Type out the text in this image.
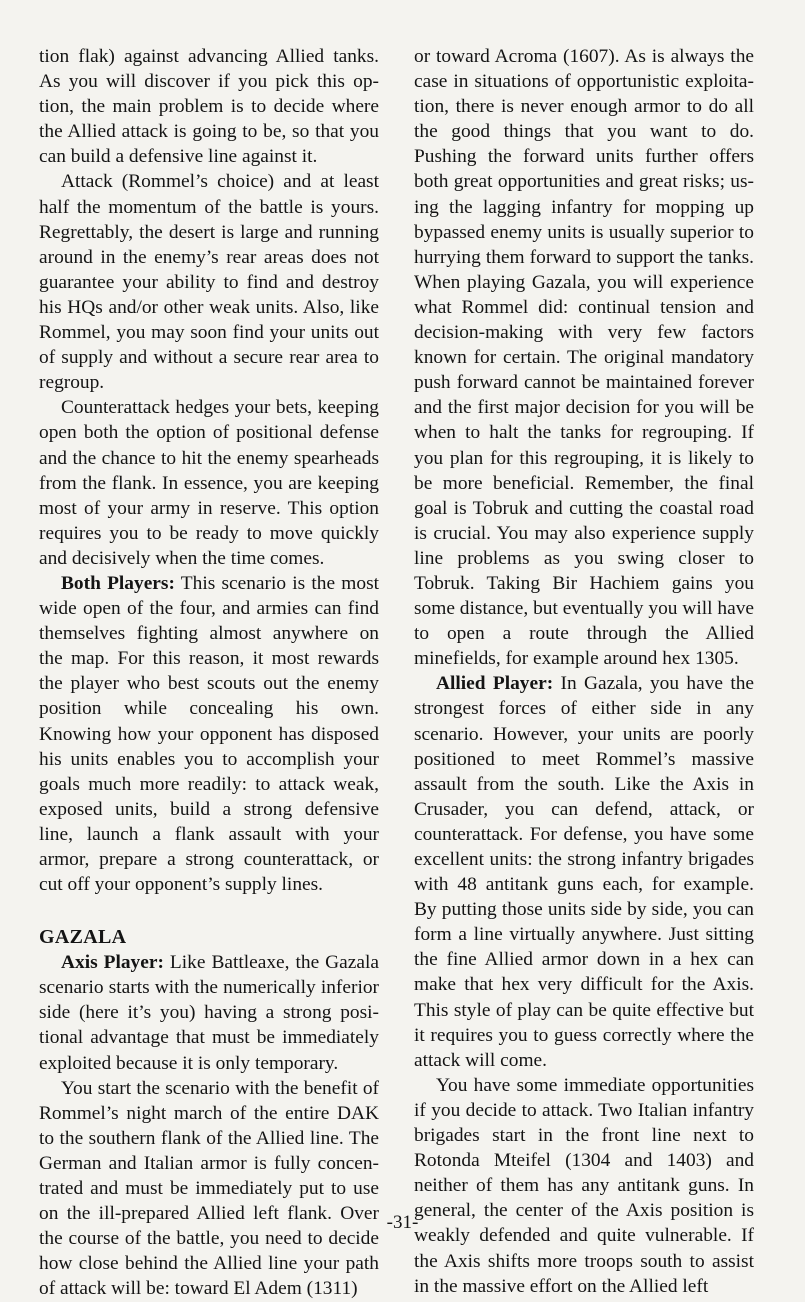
tion flak) against advancing Allied tanks. As you will discover if you pick this option, the main problem is to decide where the Allied attack is going to be, so that you can build a defensive line against it.

Attack (Rommel’s choice) and at least half the momentum of the battle is yours. Regrettably, the desert is large and running around in the enemy’s rear areas does not guarantee your ability to find and destroy his HQs and/or other weak units. Also, like Rommel, you may soon find your units out of supply and without a secure rear area to regroup.

Counterattack hedges your bets, keeping open both the option of positional defense and the chance to hit the enemy spearheads from the flank. In essence, you are keeping most of your army in reserve. This option requires you to be ready to move quickly and decisively when the time comes.

Both Players: This scenario is the most wide open of the four, and armies can find themselves fighting almost anywhere on the map. For this reason, it most rewards the player who best scouts out the enemy position while concealing his own. Knowing how your opponent has disposed his units enables you to accomplish your goals much more readily: to attack weak, exposed units, build a strong defensive line, launch a flank assault with your armor, prepare a strong counterattack, or cut off your opponent’s supply lines.

GAZALA

Axis Player: Like Battleaxe, the Gazala scenario starts with the numerically inferior side (here it’s you) having a strong positional advantage that must be immediately exploited because it is only temporary.

You start the scenario with the benefit of Rommel’s night march of the entire DAK to the southern flank of the Allied line. The German and Italian armor is fully concentrated and must be immediately put to use on the ill-prepared Allied left flank. Over the course of the battle, you need to decide how close behind the Allied line your path of attack will be: toward El Adem (1311)

or toward Acroma (1607). As is always the case in situations of opportunistic exploitation, there is never enough armor to do all the good things that you want to do. Pushing the forward units further offers both great opportunities and great risks; using the lagging infantry for mopping up bypassed enemy units is usually superior to hurrying them forward to support the tanks. When playing Gazala, you will experience what Rommel did: continual tension and decision-making with very few factors known for certain. The original mandatory push forward cannot be maintained forever and the first major decision for you will be when to halt the tanks for regrouping. If you plan for this regrouping, it is likely to be more beneficial. Remember, the final goal is Tobruk and cutting the coastal road is crucial. You may also experience supply line problems as you swing closer to Tobruk. Taking Bir Hachiem gains you some distance, but eventually you will have to open a route through the Allied minefields, for example around hex 1305.

Allied Player: In Gazala, you have the strongest forces of either side in any scenario. However, your units are poorly positioned to meet Rommel’s massive assault from the south. Like the Axis in Crusader, you can defend, attack, or counterattack. For defense, you have some excellent units: the strong infantry brigades with 48 antitank guns each, for example. By putting those units side by side, you can form a line virtually anywhere. Just sitting the fine Allied armor down in a hex can make that hex very difficult for the Axis. This style of play can be quite effective but it requires you to guess correctly where the attack will come.

You have some immediate opportunities if you decide to attack. Two Italian infantry brigades start in the front line next to Rotonda Mteifel (1304 and 1403) and neither of them has any antitank guns. In general, the center of the Axis position is weakly defended and quite vulnerable. If the Axis shifts more troops south to assist in the massive effort on the Allied left

-31-
